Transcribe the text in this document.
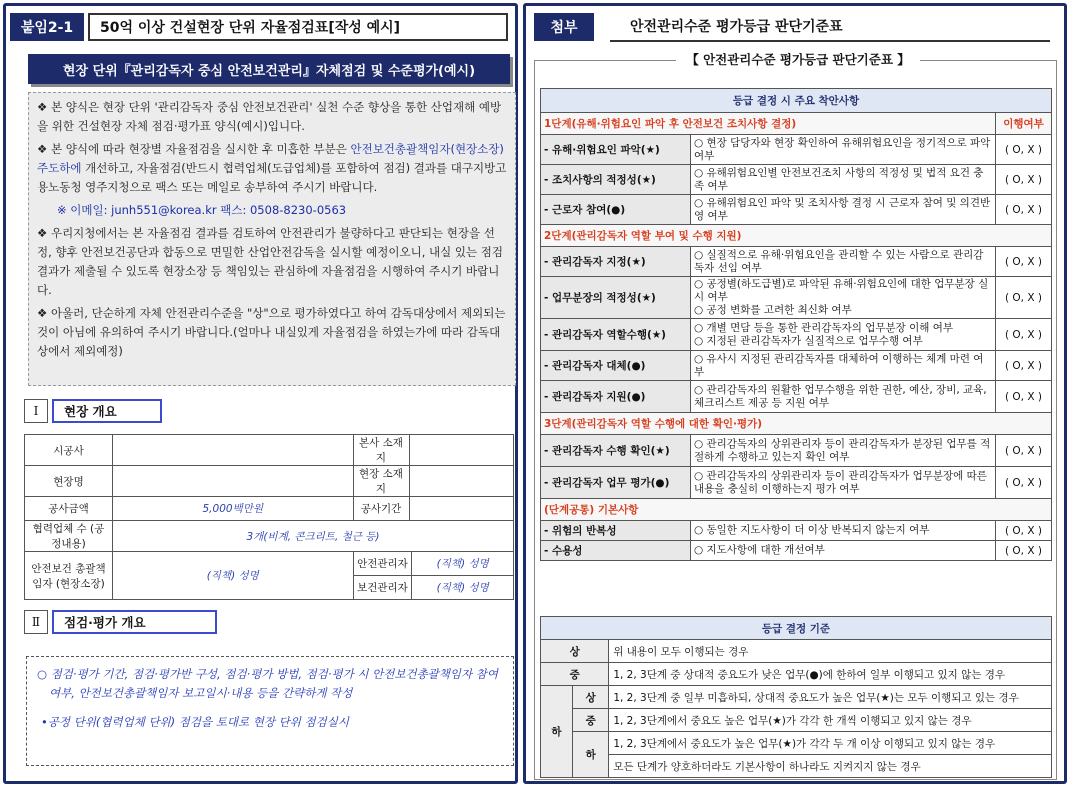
붙임2-1	50억 이상 건설현장 단위 자율점검표[작성 예시]
현장 단위『관리감독자 중심 안전보건관리』자체점검 및 수준평가(예시)

❖ 본 양식은 현장 단위 '관리감독자 중심 안전보건관리' 실천 수준 향상을 통한 산업재해 예방을 위한 건설현장 자체 점검·평가표 양식(예시)입니다.

❖ 본 양식에 따라 현장별 자율점검을 실시한 후 미흡한 부분은 안전보건총괄책임자(현장소장) 주도하에 개선하고, 자율점검(반드시 협력업체(도급업체)를 포함하여 점검) 결과를 대구지방고용노동청 영주지청으로 팩스 또는 메일로 송부하여 주시기 바랍니다.

※ 이메일: junh551@korea.kr 팩스: 0508-8230-0563

❖ 우리지청에서는 본 자율점검 결과를 검토하여 안전관리가 불량하다고 판단되는 현장을 선정, 향후 안전보건공단과 합동으로 면밀한 산업안전감독을 실시할 예정이오니, 내실 있는 점검 결과가 제출될 수 있도록 현장소장 등 책임있는 관심하에 자율점검을 시행하여 주시기 바랍니다.

❖ 아울러, 단순하게 자체 안전관리수준을 "상"으로 평가하였다고 하여 감독대상에서 제외되는 것이 아님에 유의하여 주시기 바랍니다.(얼마나 내실있게 자율점검을 하였는가에 따라 감독대상에서 제외예정)

Ⅰ	현장 개요
시공사		본사 소재지		
현장명		현장 소재지		
공사금액	5,000백만원	공사기간		
협력업체 수 (공정내용)	3개(비계, 콘크리트, 철근 등)			
안전보건 총괄책임자 (현장소장)	(직책) 성명	안전관리자		(직책) 성명
		보건관리자		(직책) 성명
Ⅱ	점검·평가 개요

○ 점검·평가 기간, 점검·평가반 구성, 점검·평가 방법, 점검·평가 시 안전보건총괄책임자 참여 여부, 안전보건총괄책임자 보고일시·내용 등을 간략하게 작성

•공정 단위(협력업체 단위) 점검을 토대로 현장 단위 점검실시

첨부	안전관리수준 평가등급 판단기준표
【 안전관리수준 평가등급 판단기준표 】
등급 결정 시 주요 착안사항		
1단계(유해·위험요인 파악 후 안전보건 조치사항 결정)		이행여부
- 유해·위험요인 파악(★)	○ 현장 담당자와 현장 확인하여 유해위험요인을 정기적으로 파악 여부	( O, X )
- 조치사항의 적정성(★)	○ 유해위험요인별 안전보건조치 사항의 적정성 및 법적 요건 충족 여부	( O, X )
- 근로자 참여(●)	○ 유해위험요인 파악 및 조치사항 결정 시 근로자 참여 및 의견반영 여부	( O, X )
2단계(관리감독자 역할 부여 및 수행 지원)		
- 관리감독자 지정(★)	○ 실질적으로 유해·위험요인을 관리할 수 있는 사람으로 관리감독자 선임 여부	( O, X )
- 업무분장의 적정성(★)	○ 공정별(하도급별)로 파악된 유해·위험요인에 대한 업무분장 실시 여부
○ 공정 변화를 고려한 최신화 여부	( O, X )
- 관리감독자 역할수행(★)	○ 개별 면담 등을 통한 관리감독자의 업무분장 이해 여부
○ 지정된 관리감독자가 실질적으로 업무수행 여부	( O, X )
- 관리감독자 대체(●)	○ 유사시 지정된 관리감독자를 대체하여 이행하는 체계 마련 여부	( O, X )
- 관리감독자 지원(●)	○ 관리감독자의 원활한 업무수행을 위한 권한, 예산, 장비, 교육, 체크리스트 제공 등 지원 여부	( O, X )
3단계(관리감독자 역할 수행에 대한 확인·평가)		
- 관리감독자 수행 확인(★)	○ 관리감독자의 상위관리자 등이 관리감독자가 분장된 업무를 적절하게 수행하고 있는지 확인 여부	( O, X )
- 관리감독자 업무 평가(●)	○ 관리감독자의 상위관리자 등이 관리감독자가 업무분장에 따른 내용을 충실히 이행하는지 평가 여부	( O, X )
(단계공통) 기본사항		
- 위험의 반복성	○ 동일한 지도사항이 더 이상 반복되지 않는지 여부	( O, X )
- 수용성	○ 지도사항에 대한 개선여부	( O, X )
등급 결정 기준		
상		위 내용이 모두 이행되는 경우
중		1, 2, 3단계 중 상대적 중요도가 낮은 업무(●)에 한하여 일부 이행되고 있지 않는 경우
하	상	1, 2, 3단계 중 일부 미흡하되, 상대적 중요도가 높은 업무(★)는 모두 이행되고 있는 경우
	중	1, 2, 3단계에서 중요도 높은 업무(★)가 각각 한 개씩 이행되고 있지 않는 경우
	하	1, 2, 3단계에서 중요도가 높은 업무(★)가 각각 두 개 이상 이행되고 있지 않는 경우
		모든 단계가 양호하더라도 기본사항이 하나라도 지켜지지 않는 경우
